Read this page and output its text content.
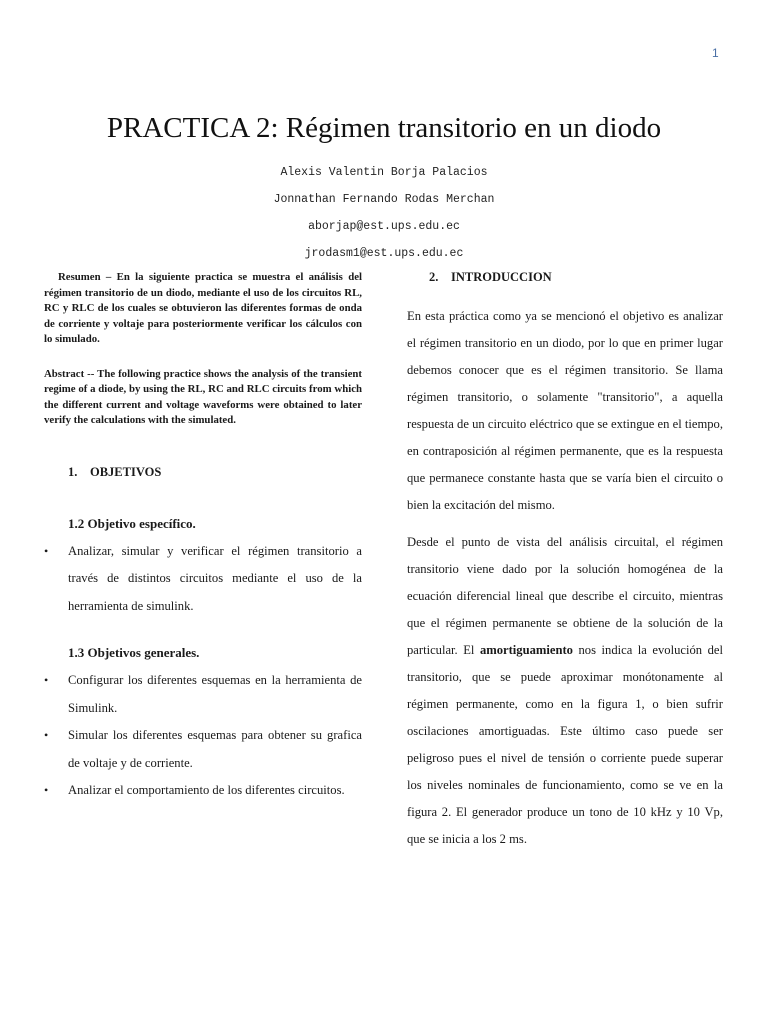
1
PRACTICA 2: Régimen transitorio en un diodo
Alexis Valentin Borja Palacios
Jonnathan Fernando Rodas Merchan
aborjap@est.ups.edu.ec
jrodasm1@est.ups.edu.ec

Resumen – En la siguiente practica se muestra el análisis del régimen transitorio de un diodo, mediante el uso de los circuitos RL, RC y RLC de los cuales se obtuvieron las diferentes formas de onda de corriente y voltaje para posteriormente verificar los cálculos con lo simulado.

Abstract -- The following practice shows the analysis of the transient regime of a diode, by using the RL, RC and RLC circuits from which the different current and voltage waveforms were obtained to later verify the calculations with the simulated.

1. OBJETIVOS
1.2 Objetivo específico.
• Analizar, simular y verificar el régimen transitorio a través de distintos circuitos mediante el uso de la herramienta de simulink.
1.3 Objetivos generales.
• Configurar los diferentes esquemas en la herramienta de Simulink.
• Simular los diferentes esquemas para obtener su grafica de voltaje y de corriente.
• Analizar el comportamiento de los diferentes circuitos.
2. INTRODUCCION

En esta práctica como ya se mencionó el objetivo es analizar el régimen transitorio en un diodo, por lo que en primer lugar debemos conocer que es el régimen transitorio. Se llama régimen transitorio, o solamente "transitorio", a aquella respuesta de un circuito eléctrico que se extingue en el tiempo, en contraposición al régimen permanente, que es la respuesta que permanece constante hasta que se varía bien el circuito o bien la excitación del mismo.

Desde el punto de vista del análisis circuital, el régimen transitorio viene dado por la solución homogénea de la ecuación diferencial lineal que describe el circuito, mientras que el régimen permanente se obtiene de la solución de la particular. El amortiguamiento nos indica la evolución del transitorio, que se puede aproximar monótonamente al régimen permanente, como en la figura 1, o bien sufrir oscilaciones amortiguadas. Este último caso puede ser peligroso pues el nivel de tensión o corriente puede superar los niveles nominales de funcionamiento, como se ve en la figura 2. El generador produce un tono de 10 kHz y 10 Vp, que se inicia a los 2 ms.
